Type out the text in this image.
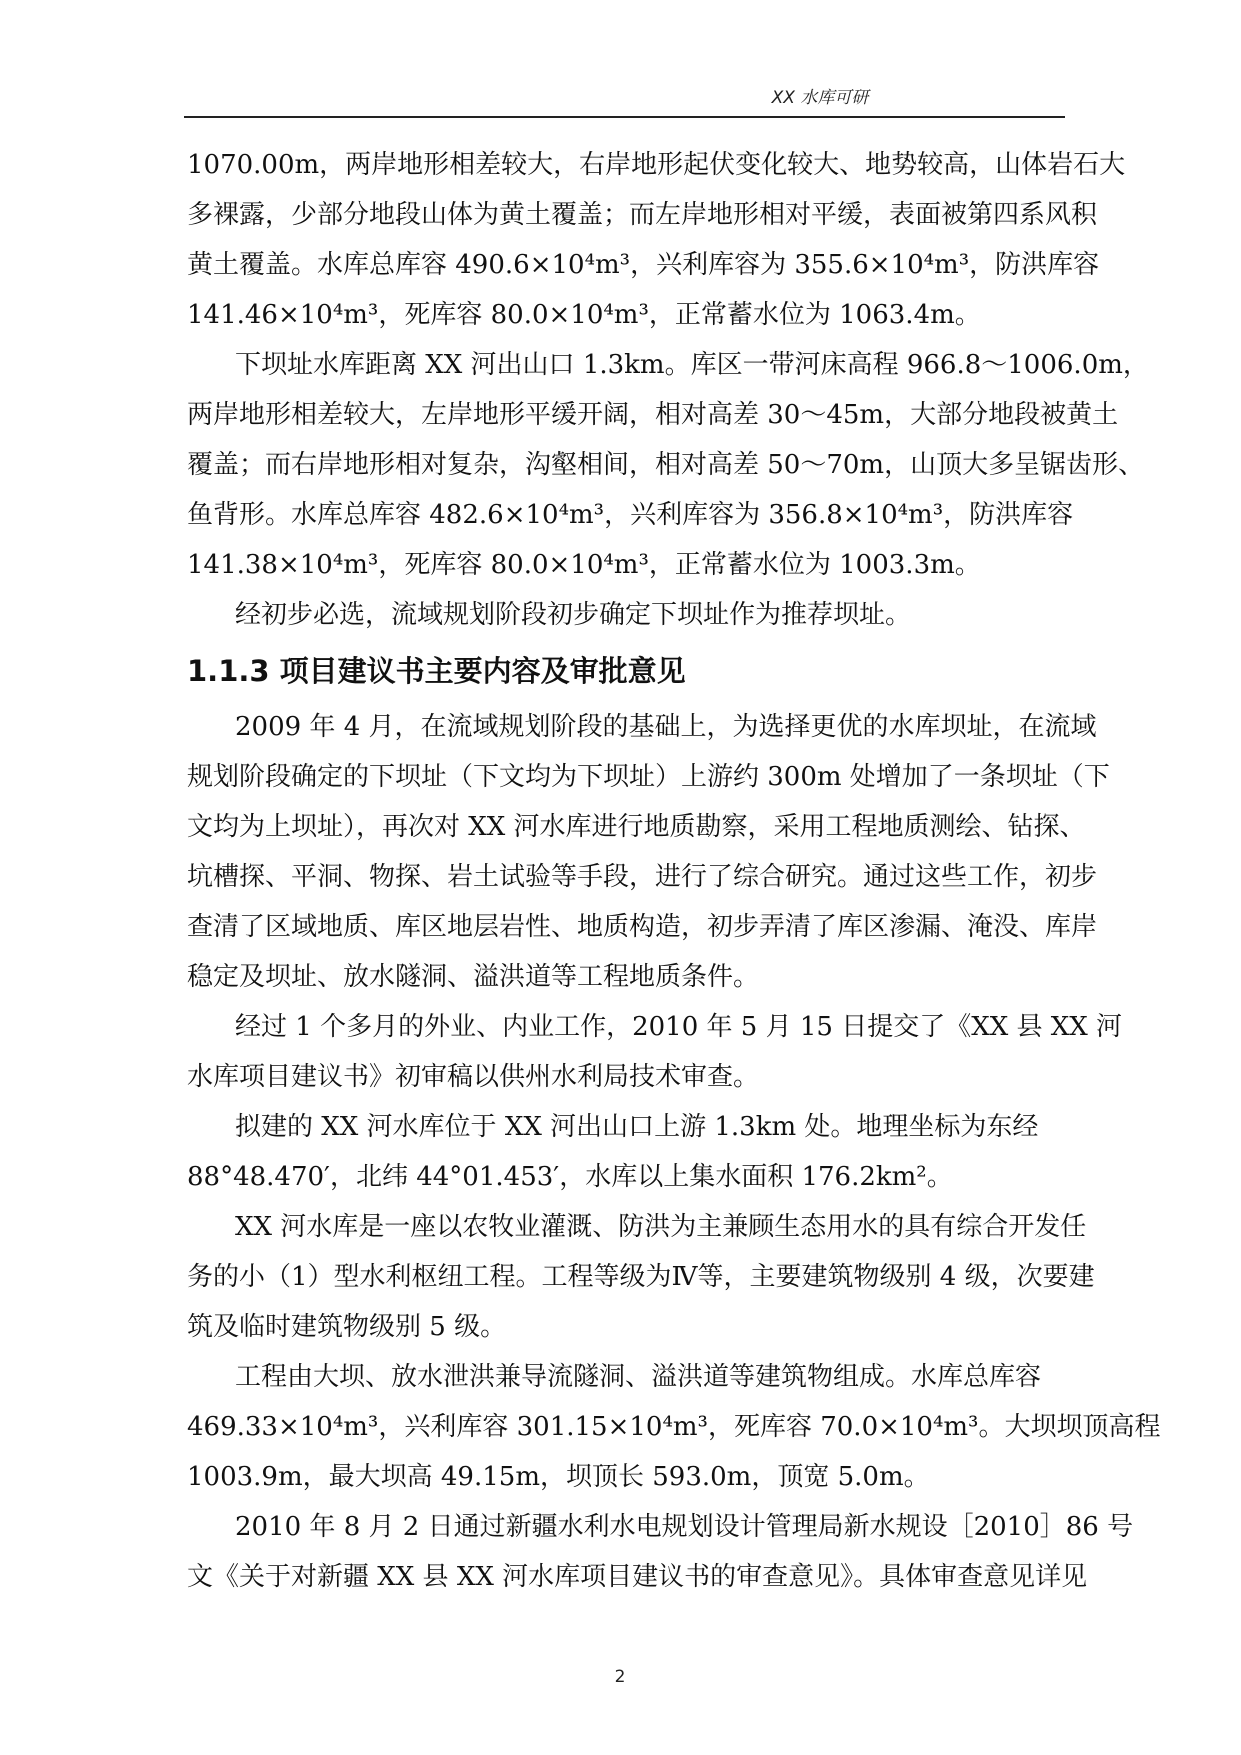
XX 水库可研

1070.00m，两岸地形相差较大，右岸地形起伏变化较大、地势较高，山体岩石大
多裸露，少部分地段山体为黄土覆盖；而左岸地形相对平缓，表面被第四系风积
黄土覆盖。水库总库容 490.6×10⁴m³，兴利库容为 355.6×10⁴m³，防洪库容
141.46×10⁴m³，死库容 80.0×10⁴m³，正常蓄水位为 1063.4m。

下坝址水库距离 XX 河出山口 1.3km。库区一带河床高程 966.8～1006.0m，
两岸地形相差较大，左岸地形平缓开阔，相对高差 30～45m，大部分地段被黄土
覆盖；而右岸地形相对复杂，沟壑相间，相对高差 50～70m，山顶大多呈锯齿形、
鱼背形。水库总库容 482.6×10⁴m³，兴利库容为 356.8×10⁴m³，防洪库容
141.38×10⁴m³，死库容 80.0×10⁴m³，正常蓄水位为 1003.3m。

经初步必选，流域规划阶段初步确定下坝址作为推荐坝址。

1.1.3 项目建议书主要内容及审批意见

2009 年 4 月，在流域规划阶段的基础上，为选择更优的水库坝址，在流域
规划阶段确定的下坝址（下文均为下坝址）上游约 300m 处增加了一条坝址（下
文均为上坝址），再次对 XX 河水库进行地质勘察，采用工程地质测绘、钻探、
坑槽探、平洞、物探、岩土试验等手段，进行了综合研究。通过这些工作，初步
查清了区域地质、库区地层岩性、地质构造，初步弄清了库区渗漏、淹没、库岸
稳定及坝址、放水隧洞、溢洪道等工程地质条件。

经过 1 个多月的外业、内业工作，2010 年 5 月 15 日提交了《XX 县 XX 河
水库项目建议书》初审稿以供州水利局技术审查。

拟建的 XX 河水库位于 XX 河出山口上游 1.3km 处。地理坐标为东经
88°48.470′，北纬 44°01.453′，水库以上集水面积 176.2km²。

XX 河水库是一座以农牧业灌溉、防洪为主兼顾生态用水的具有综合开发任
务的小（1）型水利枢纽工程。工程等级为Ⅳ等，主要建筑物级别 4 级，次要建
筑及临时建筑物级别 5 级。

工程由大坝、放水泄洪兼导流隧洞、溢洪道等建筑物组成。水库总库容
469.33×10⁴m³，兴利库容 301.15×10⁴m³，死库容 70.0×10⁴m³。大坝坝顶高程
1003.9m，最大坝高 49.15m，坝顶长 593.0m，顶宽 5.0m。

2010 年 8 月 2 日通过新疆水利水电规划设计管理局新水规设［2010］86 号
文《关于对新疆 XX 县 XX 河水库项目建议书的审查意见》。具体审查意见详见

2
